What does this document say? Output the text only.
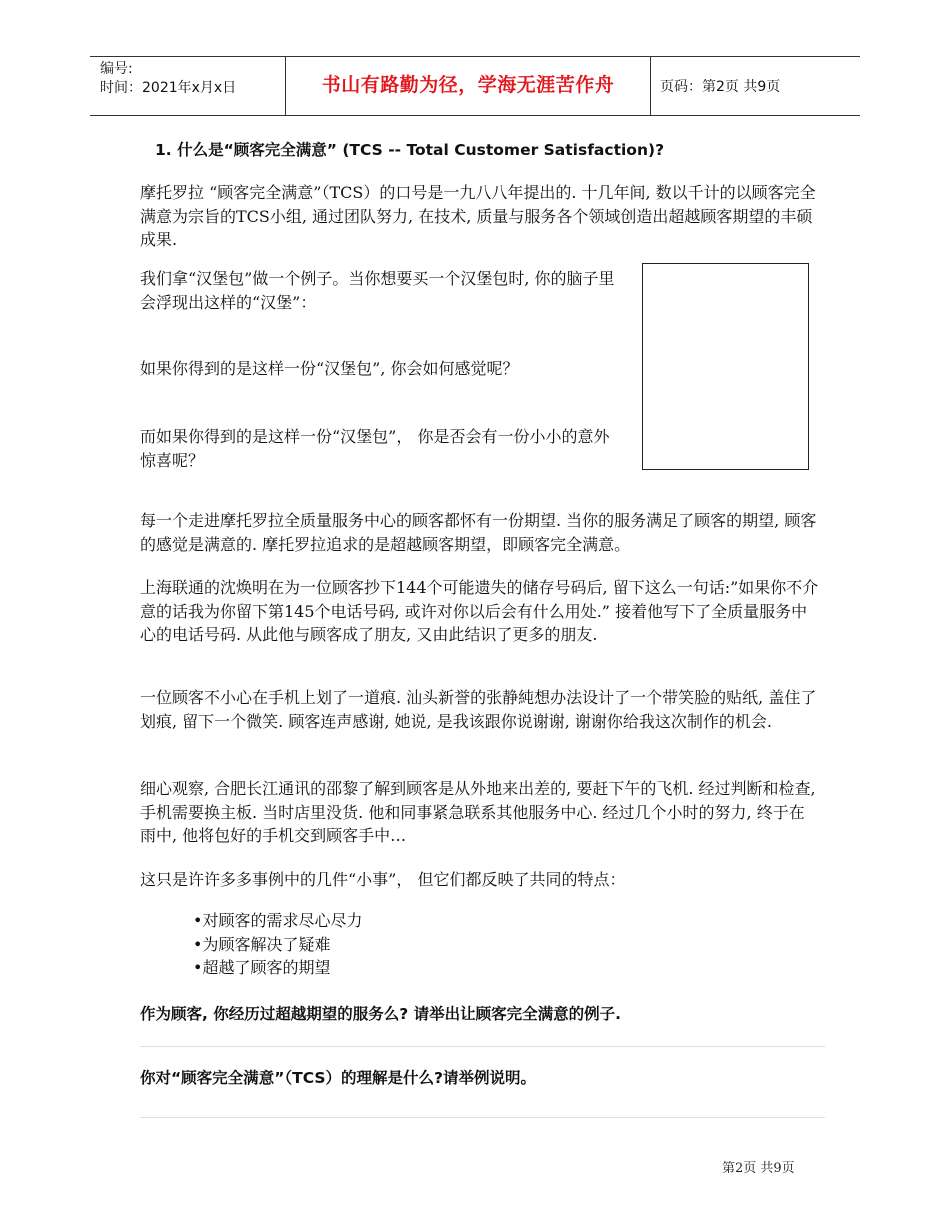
编号:
时间：2021年x月x日	书山有路勤为径，学海无涯苦作舟	页码：第2页 共9页
1. 什么是“顾客完全满意” (TCS -- Total Customer Satisfaction)?

摩托罗拉 “顾客完全满意”（TCS）的口号是一九八八年提出的. 十几年间, 数以千计的以顾客完全满意为宗旨的TCS小组, 通过团队努力, 在技术, 质量与服务各个领域创造出超越顾客期望的丰硕成果.

我们拿“汉堡包”做一个例子。当你想要买一个汉堡包时, 你的脑子里会浮现出这样的“汉堡”：

如果你得到的是这样一份“汉堡包”, 你会如何感觉呢？

而如果你得到的是这样一份“汉堡包”， 你是否会有一份小小的意外惊喜呢？

每一个走进摩托罗拉全质量服务中心的顾客都怀有一份期望. 当你的服务满足了顾客的期望, 顾客的感觉是满意的. 摩托罗拉追求的是超越顾客期望，即顾客完全满意。

上海联通的沈焕明在为一位顾客抄下144个可能遗失的储存号码后, 留下这么一句话:”如果你不介意的话我为你留下第145个电话号码, 或许对你以后会有什么用处.” 接着他写下了全质量服务中心的电话号码. 从此他与顾客成了朋友, 又由此结识了更多的朋友.

一位顾客不小心在手机上划了一道痕. 汕头新誉的张静純想办法设计了一个带笑脸的贴纸, 盖住了划痕, 留下一个微笑. 顾客连声感谢, 她说, 是我该跟你说谢谢, 谢谢你给我这次制作的机会.

细心观察, 合肥长江通讯的邵黎了解到顾客是从外地来出差的, 要赶下午的飞机. 经过判断和检查, 手机需要换主板. 当时店里没货. 他和同事紧急联系其他服务中心. 经过几个小时的努力, 终于在雨中, 他将包好的手机交到顾客手中…

这只是许许多多事例中的几件“小事”， 但它们都反映了共同的特点：

•对顾客的需求尽心尽力
•为顾客解决了疑难
•超越了顾客的期望
作为顾客, 你经历过超越期望的服务么? 请举出让顾客完全满意的例子.
你对“顾客完全满意”（TCS）的理解是什么?请举例说明。
第2页 共9页
